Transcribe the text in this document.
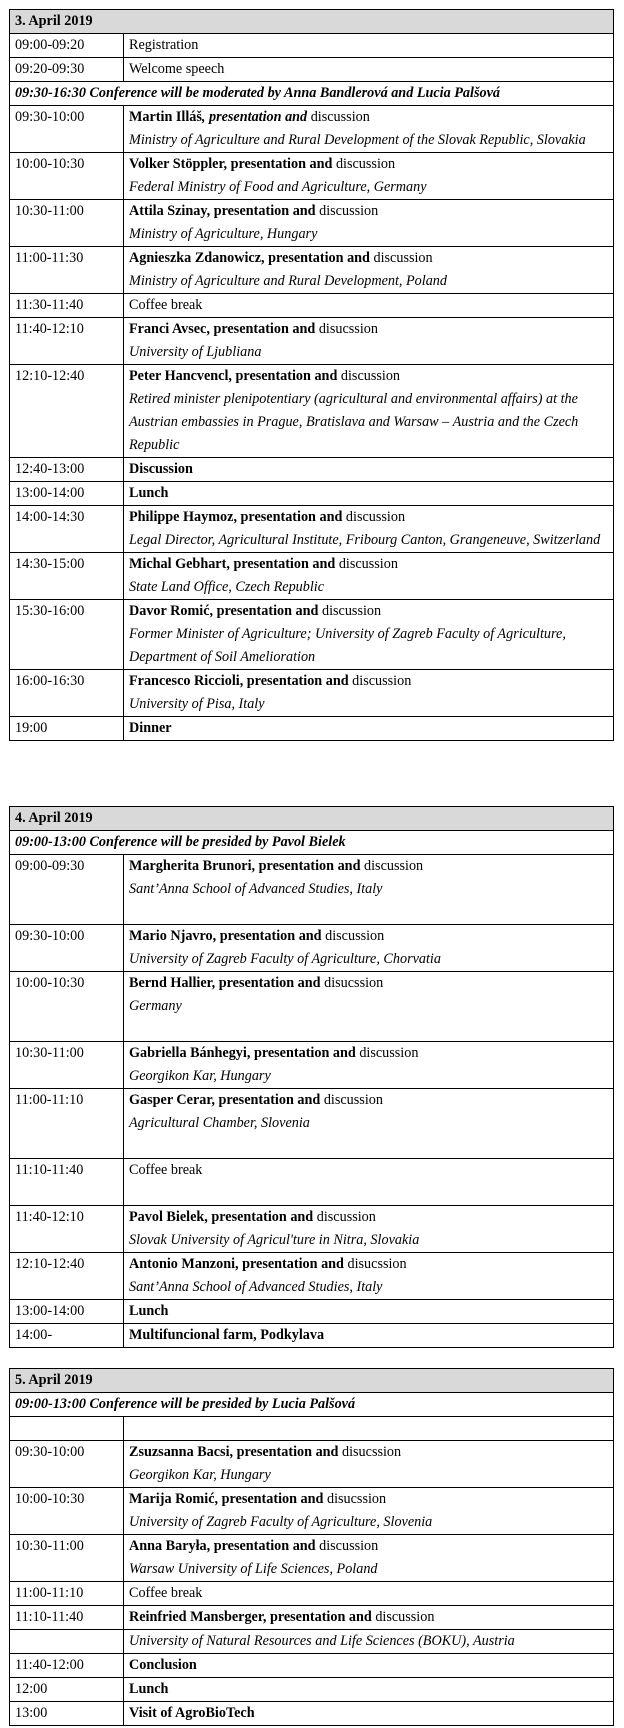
3. April 2019	
09:00-09:20	Registration
09:20-09:30	Welcome speech
09:30-16:30 Conference will be moderated by Anna Bandlerová and Lucia Palšová	
09:30-10:00	Martin Illáš, presentation and discussion
Ministry of Agriculture and Rural Development of the Slovak Republic, Slovakia

10:00-10:30	Volker Stöppler, presentation and discussion
Federal Ministry of Food and Agriculture, Germany

10:30-11:00	Attila Szinay, presentation and discussion
Ministry of Agriculture, Hungary

11:00-11:30	Agnieszka Zdanowicz, presentation and discussion
Ministry of Agriculture and Rural Development, Poland

11:30-11:40	Coffee break
11:40-12:10	Franci Avsec, presentation and disucssion
University of Ljubliana

12:10-12:40	Peter Hancvencl, presentation and discussion
Retired minister plenipotentiary (agricultural and environmental affairs) at the Austrian embassies in Prague, Bratislava and Warsaw – Austria and the Czech Republic

12:40-13:00	Discussion
13:00-14:00	Lunch
14:00-14:30	Philippe Haymoz, presentation and discussion
Legal Director, Agricultural Institute, Fribourg Canton, Grangeneuve, Switzerland

14:30-15:00	Michal Gebhart, presentation and discussion
State Land Office, Czech Republic

15:30-16:00	Davor Romić, presentation and discussion
Former Minister of Agriculture; University of Zagreb Faculty of Agriculture, Department of Soil Amelioration

16:00-16:30	Francesco Riccioli, presentation and discussion
University of Pisa, Italy

19:00	Dinner
4. April 2019	
09:00-13:00 Conference will be presided by Pavol Bielek	
09:00-09:30	Margherita Brunori, presentation and discussion
Sant’Anna School of Advanced Studies, Italy

09:30-10:00	Mario Njavro, presentation and discussion
University of Zagreb Faculty of Agriculture, Chorvatia

10:00-10:30	Bernd Hallier, presentation and disucssion
Germany

10:30-11:00	Gabriella Bánhegyi, presentation and discussion
Georgikon Kar, Hungary

11:00-11:10	Gasper Cerar, presentation and discussion
Agricultural Chamber, Slovenia

11:10-11:40	Coffee break
11:40-12:10	Pavol Bielek, presentation and discussion
Slovak University of Agricul'ture in Nitra, Slovakia

12:10-12:40	Antonio Manzoni, presentation and disucssion
Sant’Anna School of Advanced Studies, Italy

13:00-14:00	Lunch
14:00-	Multifuncional farm, Podkylava
5. April 2019	
09:00-13:00 Conference will be presided by Lucia Palšová	

09:30-10:00	Zsuzsanna Bacsi, presentation and disucssion
Georgikon Kar, Hungary

10:00-10:30	Marija Romić, presentation and disucssion
University of Zagreb Faculty of Agriculture, Slovenia

10:30-11:00	Anna Baryła, presentation and discussion
Warsaw University of Life Sciences, Poland

11:00-11:10	Coffee break
11:10-11:40	Reinfried Mansberger, presentation and discussion

	University of Natural Resources and Life Sciences (BOKU), Austria

11:40-12:00	Conclusion
12:00	Lunch
13:00	Visit of AgroBioTech
